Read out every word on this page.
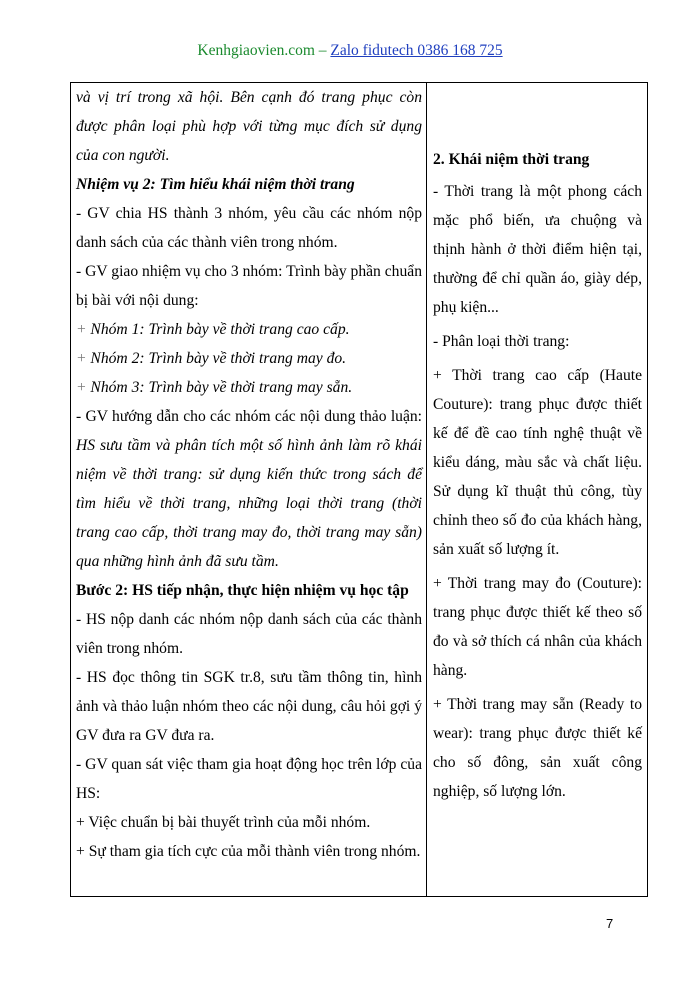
Kenhgiaovien.com – Zalo fidutech 0386 168 725

và vị trí trong xã hội. Bên cạnh đó trang phục còn được phân loại phù hợp với từng mục đích sử dụng của con người.

Nhiệm vụ 2: Tìm hiểu khái niệm thời trang

- GV chia HS thành 3 nhóm, yêu cầu các nhóm nộp danh sách của các thành viên trong nhóm.

- GV giao nhiệm vụ cho 3 nhóm: Trình bày phần chuẩn bị bài với nội dung:

+ Nhóm 1: Trình bày về thời trang cao cấp.

+ Nhóm 2: Trình bày về thời trang may đo.

+ Nhóm 3: Trình bày về thời trang may sẵn.

- GV hướng dẫn cho các nhóm các nội dung thảo luận: HS sưu tầm và phân tích một số hình ảnh làm rõ khái niệm về thời trang: sử dụng kiến thức trong sách để tìm hiểu về thời trang, những loại thời trang (thời trang cao cấp, thời trang may đo, thời trang may sẵn) qua những hình ảnh đã sưu tầm.

Bước 2: HS tiếp nhận, thực hiện nhiệm vụ học tập

- HS nộp danh các nhóm nộp danh sách của các thành viên trong nhóm.

- HS đọc thông tin SGK tr.8, sưu tầm thông tin, hình ảnh và thảo luận nhóm theo các nội dung, câu hỏi gợi ý GV đưa ra GV đưa ra.

- GV quan sát việc tham gia hoạt động học trên lớp của HS:

+ Việc chuẩn bị bài thuyết trình của mỗi nhóm.

+ Sự tham gia tích cực của mỗi thành viên trong nhóm.

2. Khái niệm thời trang

- Thời trang là một phong cách mặc phổ biến, ưa chuộng và thịnh hành ở thời điểm hiện tại, thường để chỉ quần áo, giày dép, phụ kiện...

- Phân loại thời trang:

+ Thời trang cao cấp (Haute Couture): trang phục được thiết kế để đề cao tính nghệ thuật về kiểu dáng, màu sắc và chất liệu. Sử dụng kĩ thuật thủ công, tùy chỉnh theo số đo của khách hàng, sản xuất số lượng ít.

+ Thời trang may đo (Couture): trang phục được thiết kế theo số đo và sở thích cá nhân của khách hàng.

+ Thời trang may sẵn (Ready to wear): trang phục được thiết kế cho số đông, sản xuất công nghiệp, số lượng lớn.

7
